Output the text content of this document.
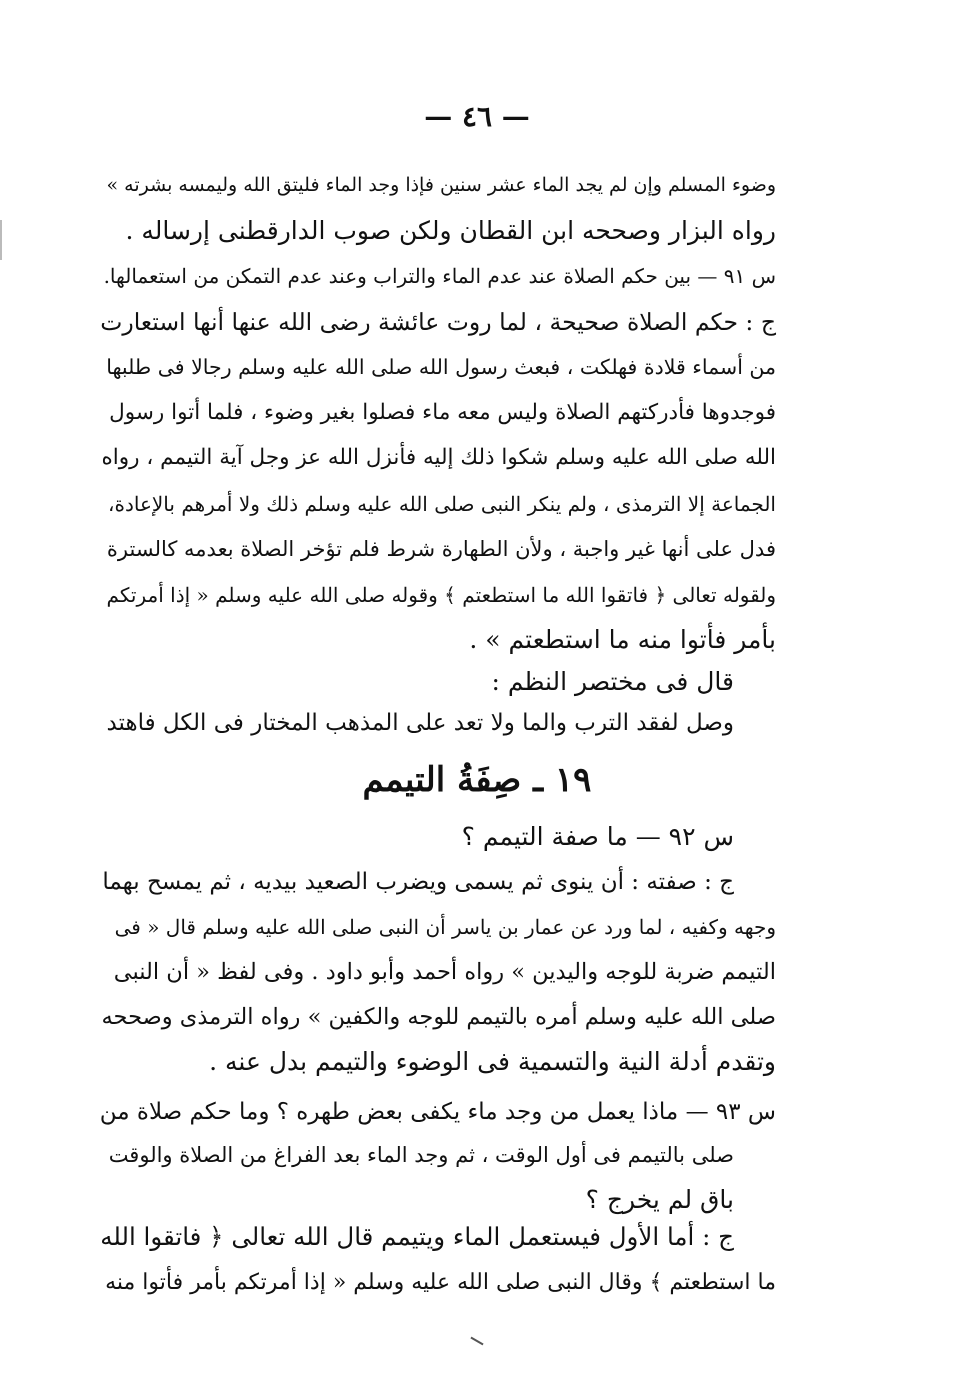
— ٤٦ —
وضوء المسلم وإن لم يجد الماء عشر سنين فإذا وجد الماء فليتق الله وليمسه بشرته »
رواه البزار وصححه ابن القطان ولكن صوب الدارقطنى إرساله .
س ٩١ — بين حكم الصلاة عند عدم الماء والتراب وعند عدم التمكن من استعمالها.
ج : حكم الصلاة صحيحة ، لما روت عائشة رضى الله عنها أنها استعارت
من أسماء قلادة فهلكت ، فبعث رسول الله صلى الله عليه وسلم رجالا فى طلبها
فوجدوها فأدركتهم الصلاة وليس معه ماء فصلوا بغير وضوء ، فلما أتوا رسول
الله صلى الله عليه وسلم شكوا ذلك إليه فأنزل الله عز وجل آية التيمم ، رواه
الجماعة إلا الترمذى ، ولم ينكر النبى صلى الله عليه وسلم ذلك ولا أمرهم بالإعادة،
فدل على أنها غير واجبة ، ولأن الطهارة شرط فلم تؤخر الصلاة بعدمه كالسترة
ولقوله تعالى ﴿ فاتقوا الله ما استطعتم ﴾ وقوله صلى الله عليه وسلم « إذا أمرتكم
بأمر فأتوا منه ما استطعتم » .
قال فى مختصر النظم :
وصل لفقد الترب والما ولا تعد على المذهب المختار فى الكل فاهتد
١٩ ـ صِفَةُ التيمم
س ٩٢ — ما صفة التيمم ؟
ج : صفته : أن ينوى ثم يسمى ويضرب الصعيد بيديه ، ثم يمسح بهما
وجهه وكفيه ، لما ورد عن عمار بن ياسر أن النبى صلى الله عليه وسلم قال « فى
التيمم ضربة للوجه واليدين » رواه أحمد وأبو داود . وفى لفظ « أن النبى
صلى الله عليه وسلم أمره بالتيمم للوجه والكفين » رواه الترمذى وصححه
وتقدم أدلة النية والتسمية فى الوضوء والتيمم بدل عنه .
س ٩٣ — ماذا يعمل من وجد ماء يكفى بعض طهره ؟ وما حكم صلاة من
صلى بالتيمم فى أول الوقت ، ثم وجد الماء بعد الفراغ من الصلاة والوقت
باق لم يخرج ؟
ج : أما الأول فيستعمل الماء ويتيمم قال الله تعالى ﴿ فاتقوا الله
ما استطعتم ﴾ وقال النبى صلى الله عليه وسلم « إذا أمرتكم بأمر فأتوا منه
